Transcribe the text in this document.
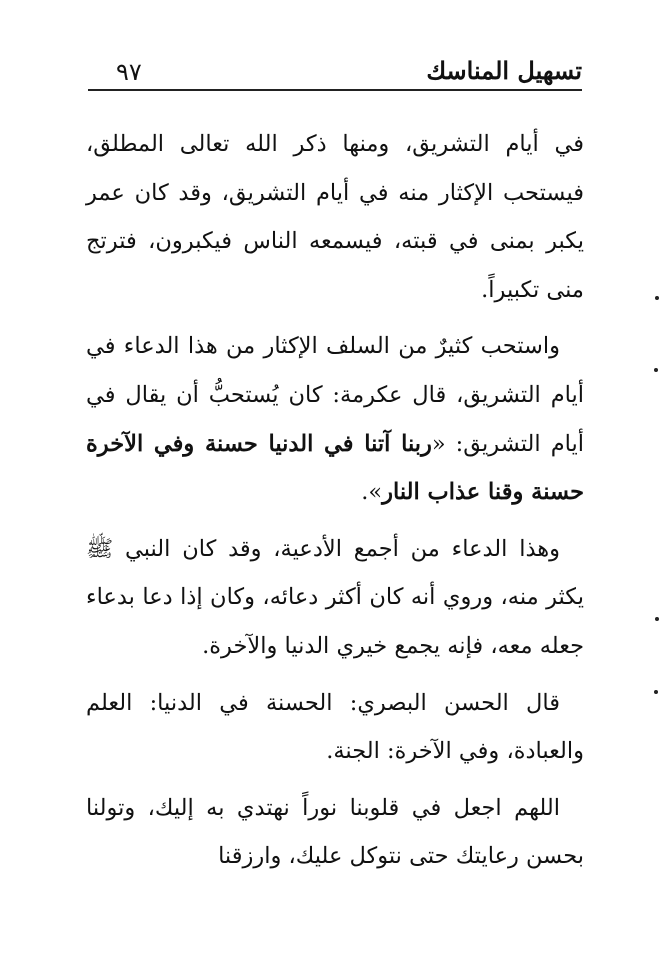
تسهيل المناسك
٩٧

في أيام التشريق، ومنها ذكر الله تعالى المطلق، فيستحب الإكثار منه في أيام التشريق، وقد كان عمر يكبر بمنى في قبته، فيسمعه الناس فيكبرون، فترتج منى تكبيراً.

واستحب كثيرٌ من السلف الإكثار من هذا الدعاء في أيام التشريق، قال عكرمة: كان يُستحبُّ أن يقال في أيام التشريق: «ربنا آتنا في الدنيا حسنة وفي الآخرة حسنة وقنا عذاب النار».

وهذا الدعاء من أجمع الأدعية، وقد كان النبي ﷺ يكثر منه، وروي أنه كان أكثر دعائه، وكان إذا دعا بدعاء جعله معه، فإنه يجمع خيري الدنيا والآخرة.

قال الحسن البصري: الحسنة في الدنيا: العلم والعبادة، وفي الآخرة: الجنة.

اللهم اجعل في قلوبنا نوراً نهتدي به إليك، وتولنا بحسن رعايتك حتى نتوكل عليك، وارزقنا
